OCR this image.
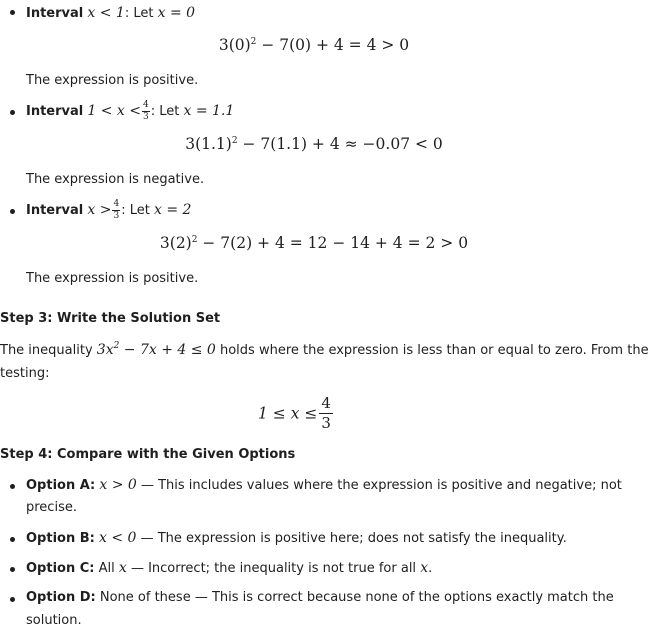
Interval x < 1: Let x = 0
$3(0)^2 - 7(0) + 4 = 4 > 0$
The expression is positive.
Interval $1 < x < \frac{4}{3}$ : Let x = 1.1
$3(1.1)^2 - 7(1.1) + 4 \approx -0.07 < 0$
The expression is negative.
Interval $x > \frac{4}{3}$ : Let x = 2
$3(2)^2 - 7(2) + 4 = 12 - 14 + 4 = 2 > 0$
The expression is positive.
Step 3: Write the Solution Set
The inequality $3x^2 - 7x + 4 \le 0$ holds where the expression is less than or equal to zero. From the
testing:
$1 \le x \le \frac{4}{3}$
Step 4: Compare with the Given Options
Option A: x > 0 — This includes values where the expression is positive and negative; not
precise.
Option B: x < 0 — The expression is positive here; does not satisfy the inequality.
Option C: All x — Incorrect; the inequality is not true for all x.
Option D: None of these — This is correct because none of the options exactly match the
solution.
